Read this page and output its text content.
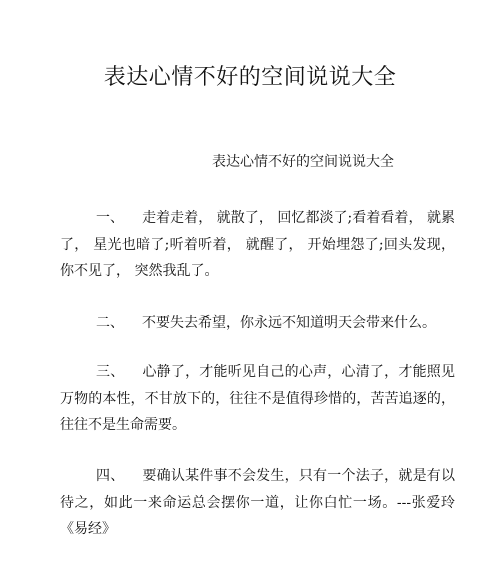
表达心情不好的空间说说大全
表达心情不好的空间说说大全

一、 走着走着， 就散了， 回忆都淡了;看着看着， 就累了， 星光也暗了;听着听着， 就醒了， 开始埋怨了;回头发现，你不见了， 突然我乱了。

二、 不要失去希望，你永远不知道明天会带来什么。

三、 心静了，才能听见自己的心声，心清了，才能照见万物的本性，不甘放下的，往往不是值得珍惜的，苦苦追逐的，往往不是生命需要。

四、 要确认某件事不会发生，只有一个法子，就是有以待之，如此一来命运总会摆你一道，让你白忙一场。---张爱玲《易经》
